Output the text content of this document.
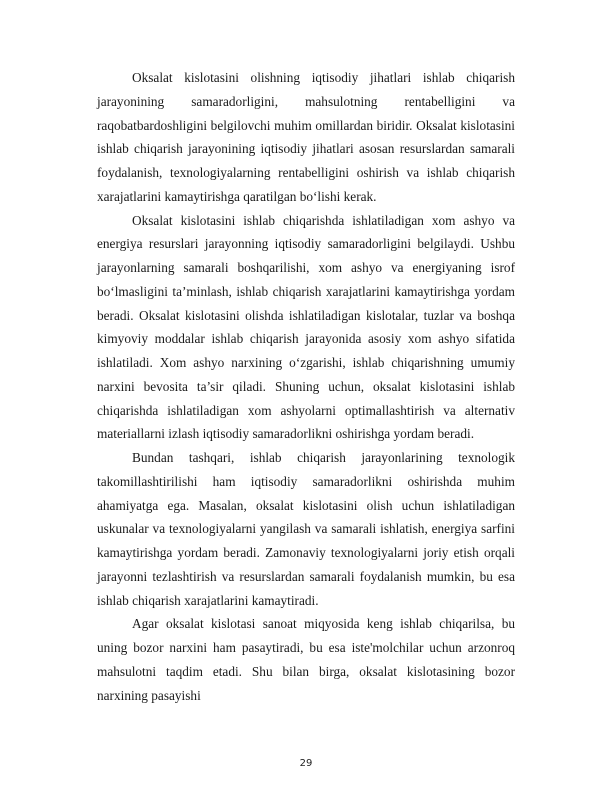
Oksalat kislotasini olishning iqtisodiy jihatlari ishlab chiqarish jarayonining samaradorligini, mahsulotning rentabelligini va raqobatbardoshligini belgilovchi muhim omillardan biridir. Oksalat kislotasini ishlab chiqarish jarayonining iqtisodiy jihatlari asosan resurslardan samarali foydalanish, texnologiyalarning rentabelligini oshirish va ishlab chiqarish xarajatlarini kamaytirishga qaratilgan bo‘lishi kerak.

Oksalat kislotasini ishlab chiqarishda ishlatiladigan xom ashyo va energiya resurslari jarayonning iqtisodiy samaradorligini belgilaydi. Ushbu jarayonlarning samarali boshqarilishi, xom ashyo va energiyaning isrof bo‘lmasligini ta’minlash, ishlab chiqarish xarajatlarini kamaytirishga yordam beradi. Oksalat kislotasini olishda ishlatiladigan kislotalar, tuzlar va boshqa kimyoviy moddalar ishlab chiqarish jarayonida asosiy xom ashyo sifatida ishlatiladi. Xom ashyo narxining o‘zgarishi, ishlab chiqarishning umumiy narxini bevosita ta’sir qiladi. Shuning uchun, oksalat kislotasini ishlab chiqarishda ishlatiladigan xom ashyolarni optimallashtirish va alternativ materiallarni izlash iqtisodiy samaradorlikni oshirishga yordam beradi.

Bundan tashqari, ishlab chiqarish jarayonlarining texnologik takomillashtirilishi ham iqtisodiy samaradorlikni oshirishda muhim ahamiyatga ega. Masalan, oksalat kislotasini olish uchun ishlatiladigan uskunalar va texnologiyalarni yangilash va samarali ishlatish, energiya sarfini kamaytirishga yordam beradi. Zamonaviy texnologiyalarni joriy etish orqali jarayonni tezlashtirish va resurslardan samarali foydalanish mumkin, bu esa ishlab chiqarish xarajatlarini kamaytiradi.

Agar oksalat kislotasi sanoat miqyosida keng ishlab chiqarilsa, bu uning bozor narxini ham pasaytiradi, bu esa iste'molchilar uchun arzonroq mahsulotni taqdim etadi. Shu bilan birga, oksalat kislotasining bozor narxining pasayishi

29
